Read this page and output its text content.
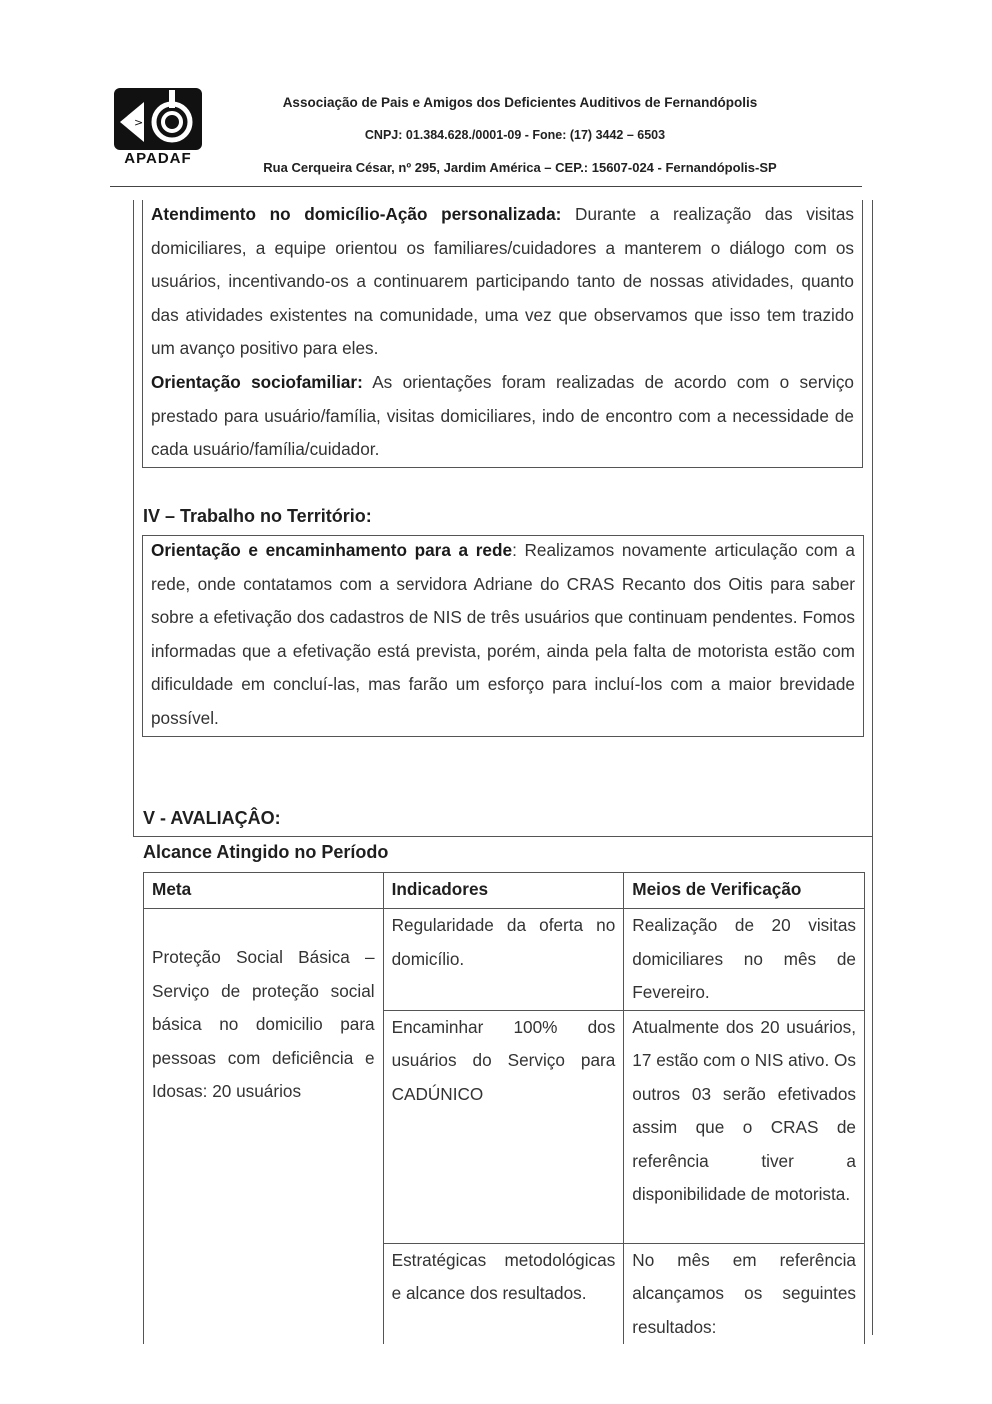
>
APADAF
Associação de Pais e Amigos dos Deficientes Auditivos de Fernandópolis
CNPJ: 01.384.628./0001-09 - Fone: (17) 3442 – 6503
Rua Cerqueira César, nº 295, Jardim América – CEP.: 15607-024 - Fernandópolis-SP
Atendimento no domicílio-Ação personalizada: Durante a realização das visitas domiciliares, a equipe orientou os familiares/cuidadores a manterem o diálogo com os usuários, incentivando-os a continuarem participando tanto de nossas atividades, quanto das atividades existentes na comunidade, uma vez que observamos que isso tem trazido um avanço positivo para eles.
Orientação sociofamiliar: As orientações foram realizadas de acordo com o serviço prestado para usuário/família, visitas domiciliares, indo de encontro com a necessidade de cada usuário/família/cuidador.
IV – Trabalho no Território:
Orientação e encaminhamento para a rede: Realizamos novamente articulação com a rede, onde contatamos com a servidora Adriane do CRAS Recanto dos Oitis para saber sobre a efetivação dos cadastros de NIS de três usuários que continuam pendentes. Fomos informadas que a efetivação está prevista, porém, ainda pela falta de motorista estão com dificuldade em concluí-las, mas farão um esforço para incluí-los com a maior brevidade possível.
V - AVALIAÇÂO:
Alcance Atingido no Período
Meta	Indicadores	Meios de Verificação
Proteção Social Básica – Serviço de proteção social básica no domicilio para pessoas com deficiência e Idosas: 20 usuários	Regularidade da oferta no domicílio.	Realização de 20 visitas domiciliares no mês de Fevereiro.
	Encaminhar 100% dos usuários do Serviço para CADÚNICO	Atualmente dos 20 usuários, 17 estão com o NIS ativo. Os outros 03 serão efetivados assim que o CRAS de referência tiver a disponibilidade de motorista.
	Estratégicas metodológicas e alcance dos resultados.	No mês em referência alcançamos os seguintes resultados:
